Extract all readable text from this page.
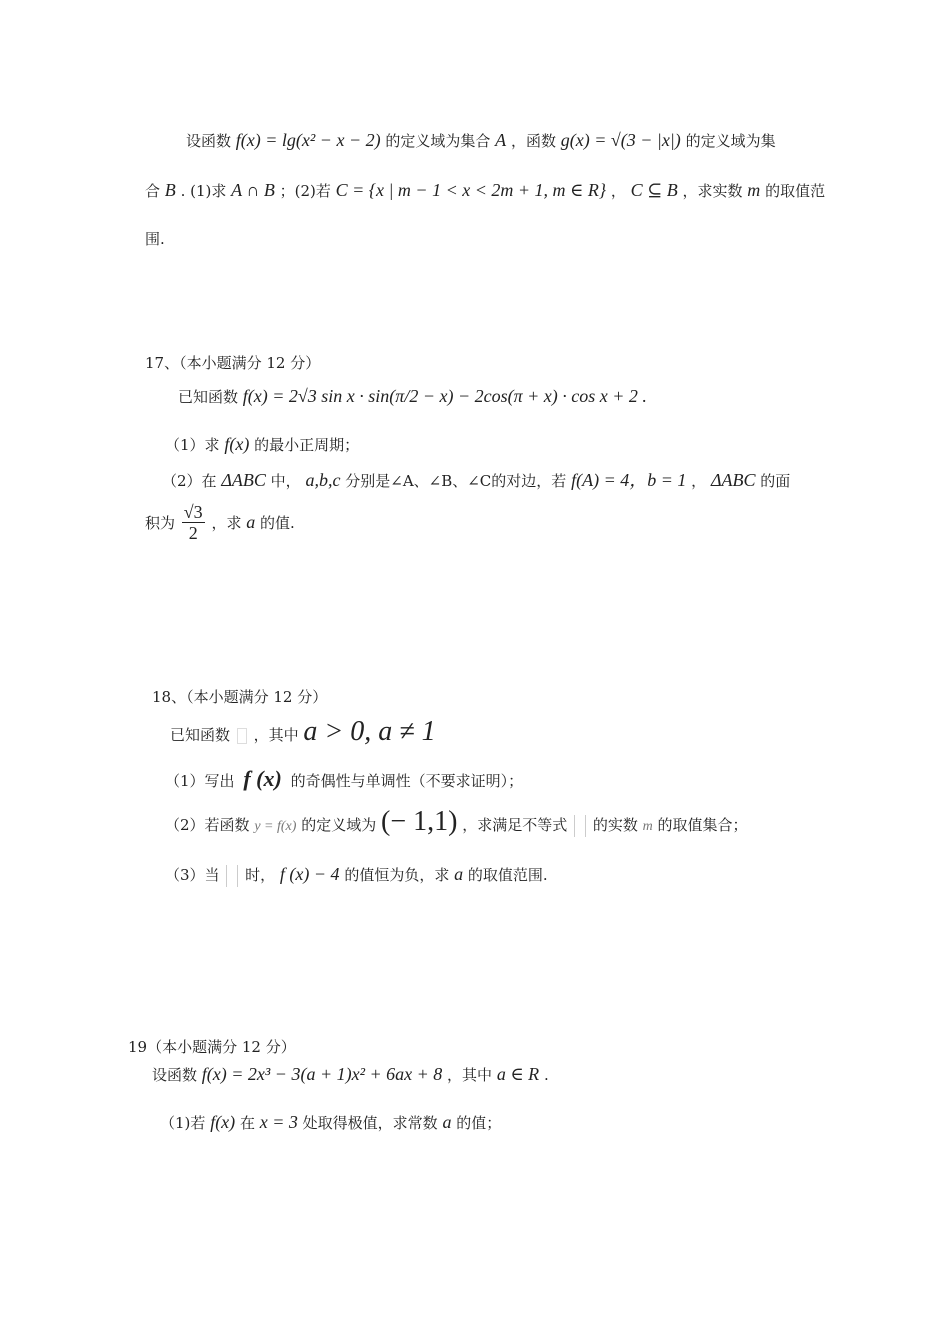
设函数 f(x) = lg(x² − x − 2) 的定义域为集合 A ，函数 g(x) = √(3 − |x|) 的定义域为集
合 B . (1)求 A ∩ B ；(2)若 C = {x | m − 1 < x < 2m + 1, m ∈ R} ， C ⊆ B ，求实数 m 的取值范
围.
17、（本小题满分 12 分）
已知函数 f(x) = 2√3 sin x · sin(π/2 − x) − 2cos(π + x) · cos x + 2 .
（1）求 f(x) 的最小正周期；
（2）在 ΔABC 中， a,b,c 分别是∠A、∠B、∠C的对边，若 f(A) = 4，b = 1 ， ΔABC 的面
积为 $\frac{√3}{2}$ ，求 a 的值.
18、（本小题满分 12 分）
已知函数 ，其中 a > 0, a ≠ 1
（1）写出 f (x) 的奇偶性与单调性（不要求证明）；
（2）若函数 y = f(x) 的定义域为 (− 1,1) ，求满足不等式 的实数 m 的取值集合；
（3）当 时， f (x) − 4 的值恒为负，求 a 的取值范围.
19（本小题满分 12 分）
设函数 f(x) = 2x³ − 3(a + 1)x² + 6ax + 8 ，其中 a ∈ R .
（1)若 f(x) 在 x = 3 处取得极值，求常数 a 的值；
